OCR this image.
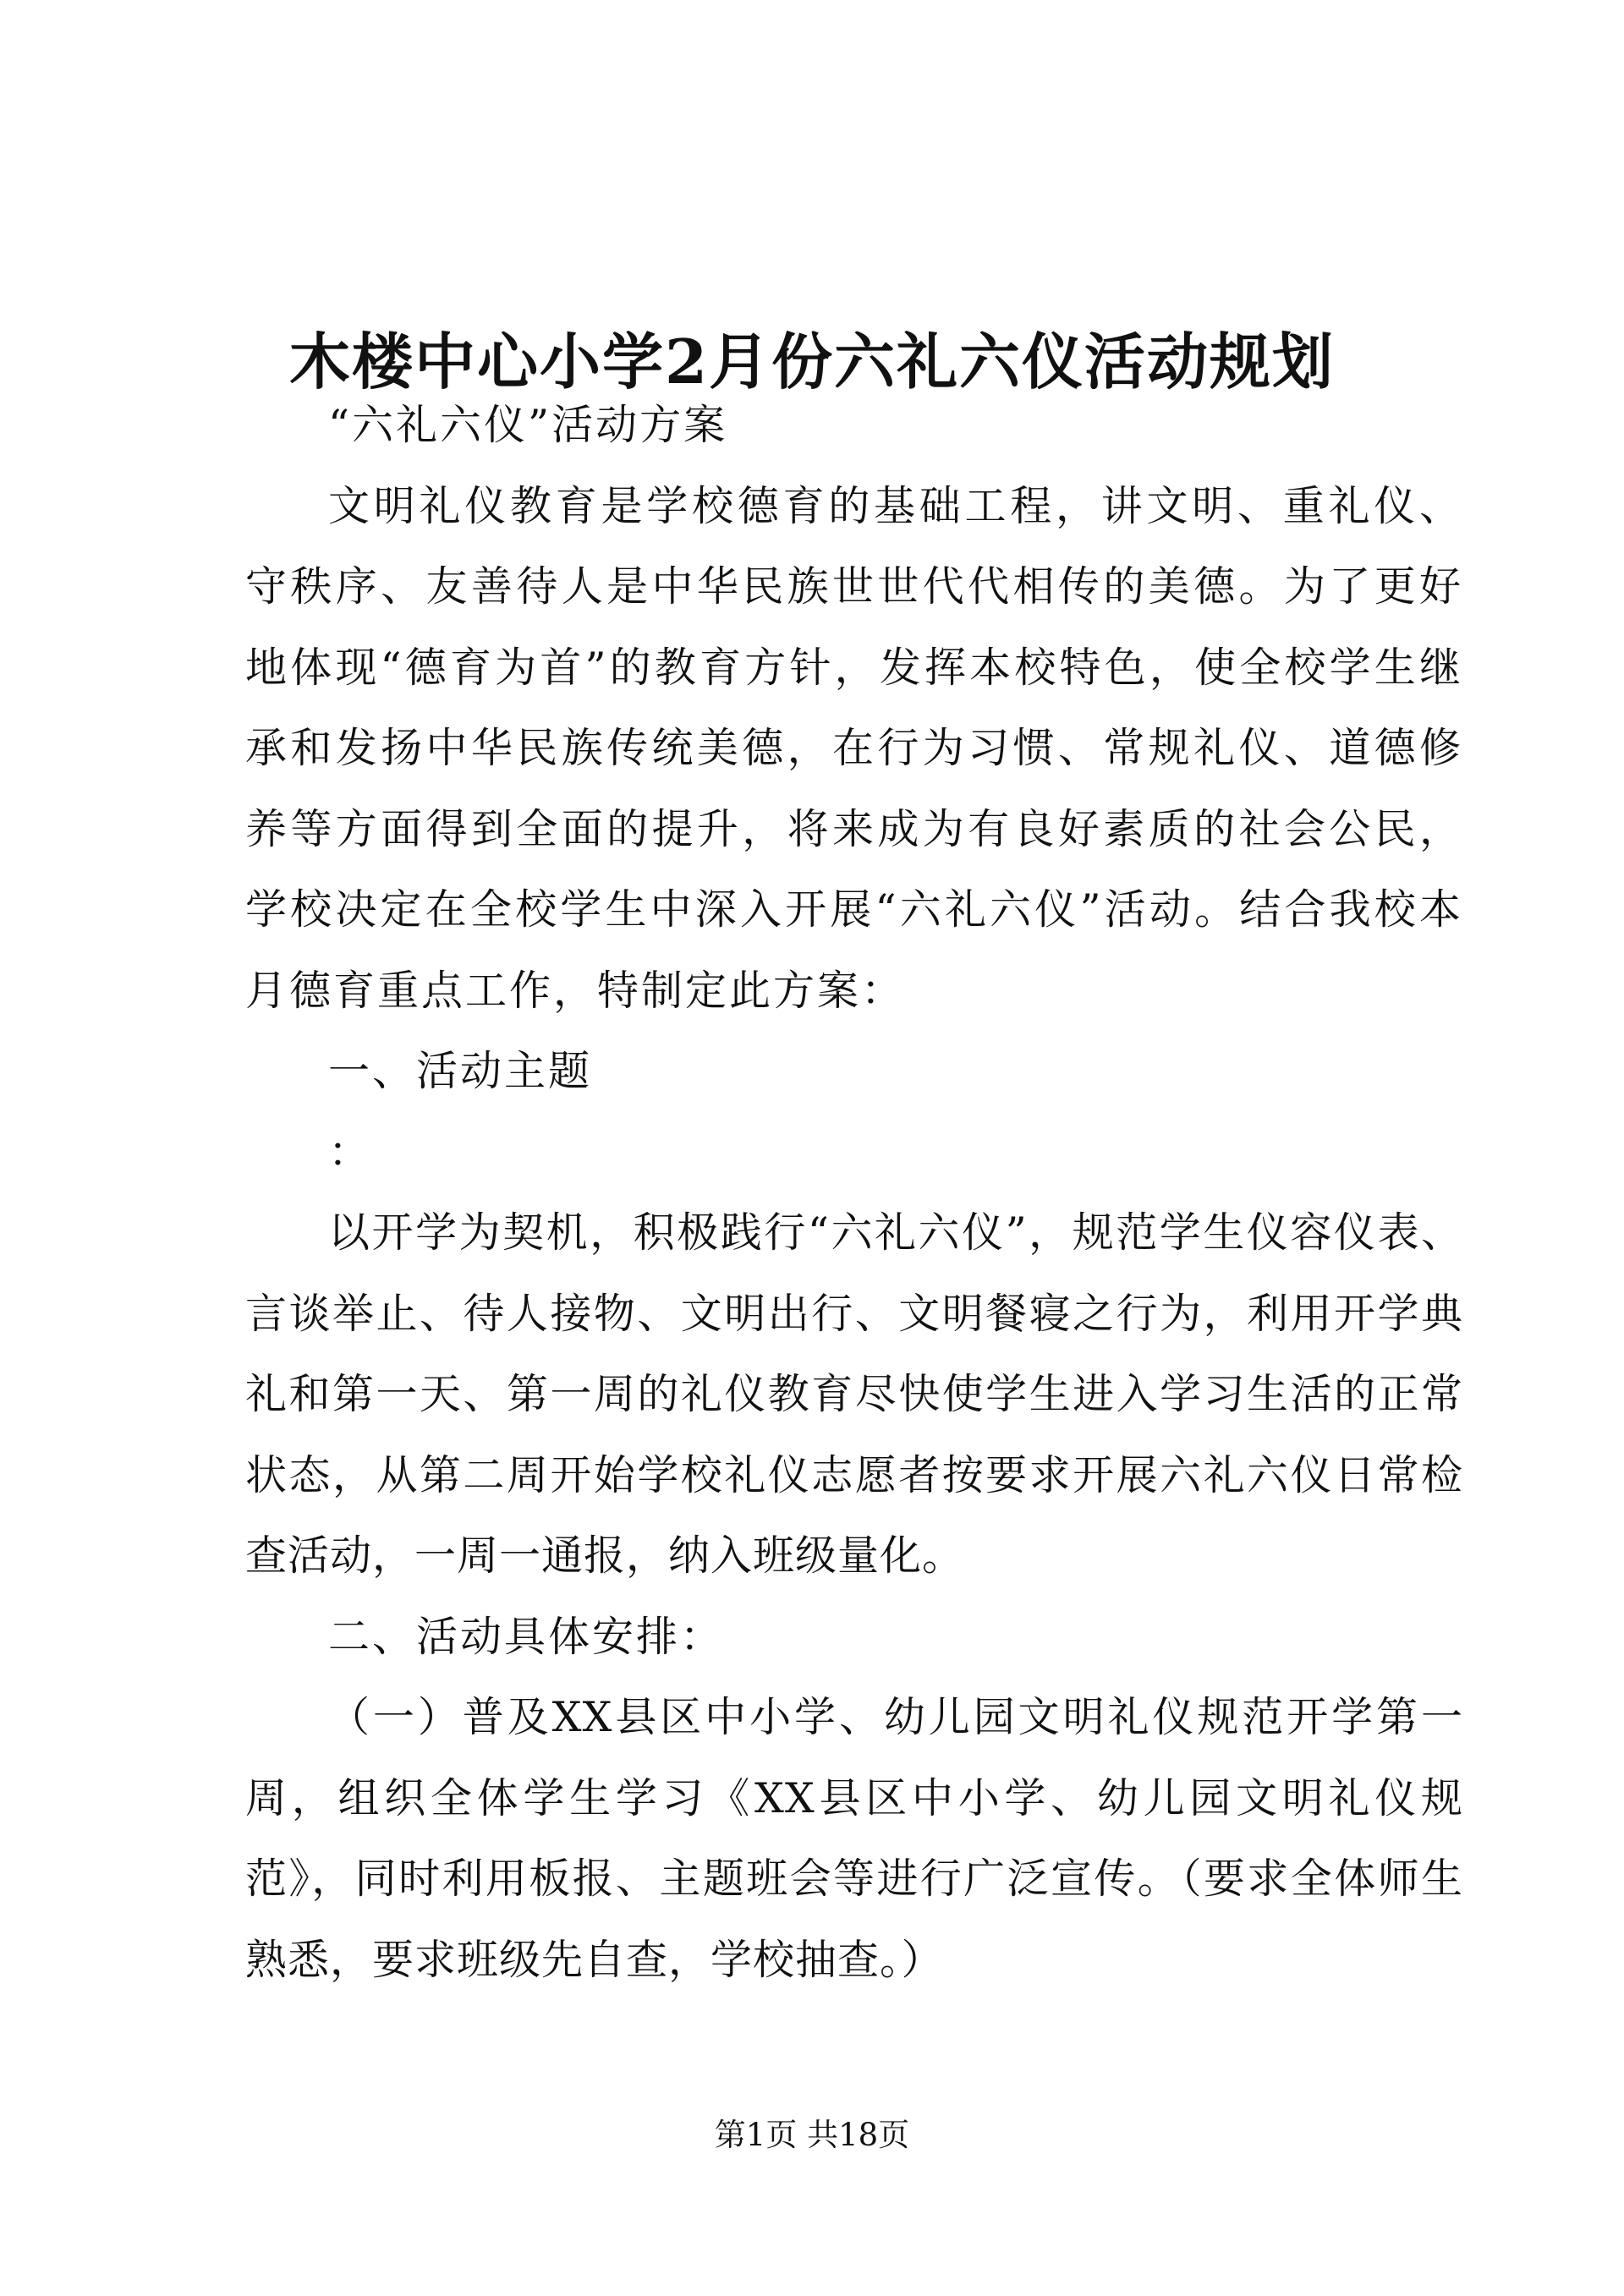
木楼中心小学2月份六礼六仪活动规划

“六礼六仪”活动方案

文明礼仪教育是学校德育的基础工程，讲文明、重礼仪、守秩序、友善待人是中华民族世世代代相传的美德。为了更好地体现“德育为首”的教育方针，发挥本校特色，使全校学生继承和发扬中华民族传统美德，在行为习惯、常规礼仪、道德修养等方面得到全面的提升，将来成为有良好素质的社会公民，学校决定在全校学生中深入开展“六礼六仪”活动。结合我校本月德育重点工作，特制定此方案：

一、活动主题

：

以开学为契机，积极践行“六礼六仪”，规范学生仪容仪表、言谈举止、待人接物、文明出行、文明餐寝之行为，利用开学典礼和第一天、第一周的礼仪教育尽快使学生进入学习生活的正常状态，从第二周开始学校礼仪志愿者按要求开展六礼六仪日常检查活动，一周一通报，纳入班级量化。

二、活动具体安排：

（一）普及XX县区中小学、幼儿园文明礼仪规范开学第一周，组织全体学生学习《XX县区中小学、幼儿园文明礼仪规范》，同时利用板报、主题班会等进行广泛宣传。（要求全体师生熟悉，要求班级先自查，学校抽查。）

第1页 共18页
